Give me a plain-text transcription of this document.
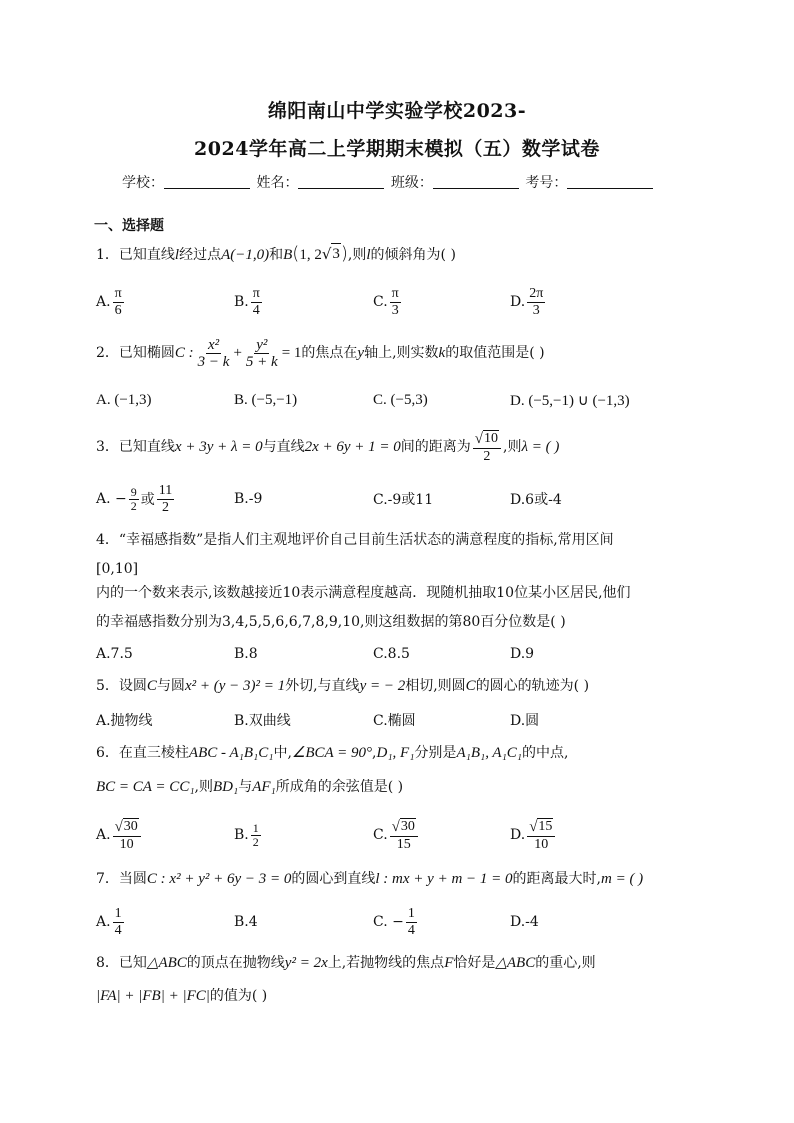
绵阳南山中学实验学校2023-
2024学年高二上学期期末模拟（五）数学试卷
学校：	姓名：	班级：	考号：
一、选择题
1．已知直线l经过点A(−1,0)和B(1, 2 √ 3 ),则l的倾斜角为( )
A. $\frac{\pi}{6}$	B. $\frac{\pi}{4}$	C. $\frac{\pi}{3}$	D. $\frac{2\pi}{3}$
2． 已知椭圆 C : $\frac{\text{x²}}{3 - k} + \frac{\text{y²}}{5 + k} = 1$ 的焦点在 y 轴上,则实数 k 的取值范围是( )
A. (−1,3)	B. (−5,−1)	C. (−5,3)	D. (−5,−1) ∪ (−1,3)
3． 已知直线 x + 3y + λ = 0 与直线 2x + 6y + 1 = 0 间的距离为 $\frac{√ 10}{2}$ ,则 λ = ( )
A. − $\frac{9}{2}$ 或 $\frac{11}{2}$	B.-9	C.-9或11	D.6或-4
4．“幸福感指数”是指人们主观地评价自己目前生活状态的满意程度的指标,常用区间
[0,10]
内的一个数来表示,该数越接近10表示满意程度越高．现随机抽取10位某小区居民,他们
的幸福感指数分别为3,4,5,5,6,6,7,8,9,10,则这组数据的第80百分位数是( )
A.7.5	B.8	C.8.5	D.9
5．设圆C与圆x² + (y − 3)² = 1外切,与直线y = − 2相切,则圆C的圆心的轨迹为( )
A.抛物线	B.双曲线	C.椭圆	D.圆
6．在直三棱柱ABC - A₁B₁C₁中,∠BCA = 90°,D₁, F₁分别是A₁B₁, A₁C₁的中点,
BC = CA = CC₁,则BD₁与AF₁所成角的余弦值是( )
A. $\frac{√ 30}{10}$	B. $\frac{1}{2}$	C. $\frac{√ 30}{15}$	D. $\frac{√ 15}{10}$
7．当圆C : x² + y² + 6y − 3 = 0的圆心到直线l : mx + y + m − 1 = 0的距离最大时,m = ( )
A. $\frac{1}{4}$	B.4	C. − $\frac{1}{4}$	D.-4
8．已知△ABC的顶点在抛物线y² = 2x上,若抛物线的焦点F恰好是△ABC的重心,则
|FA| + |FB| + |FC|的值为( )
